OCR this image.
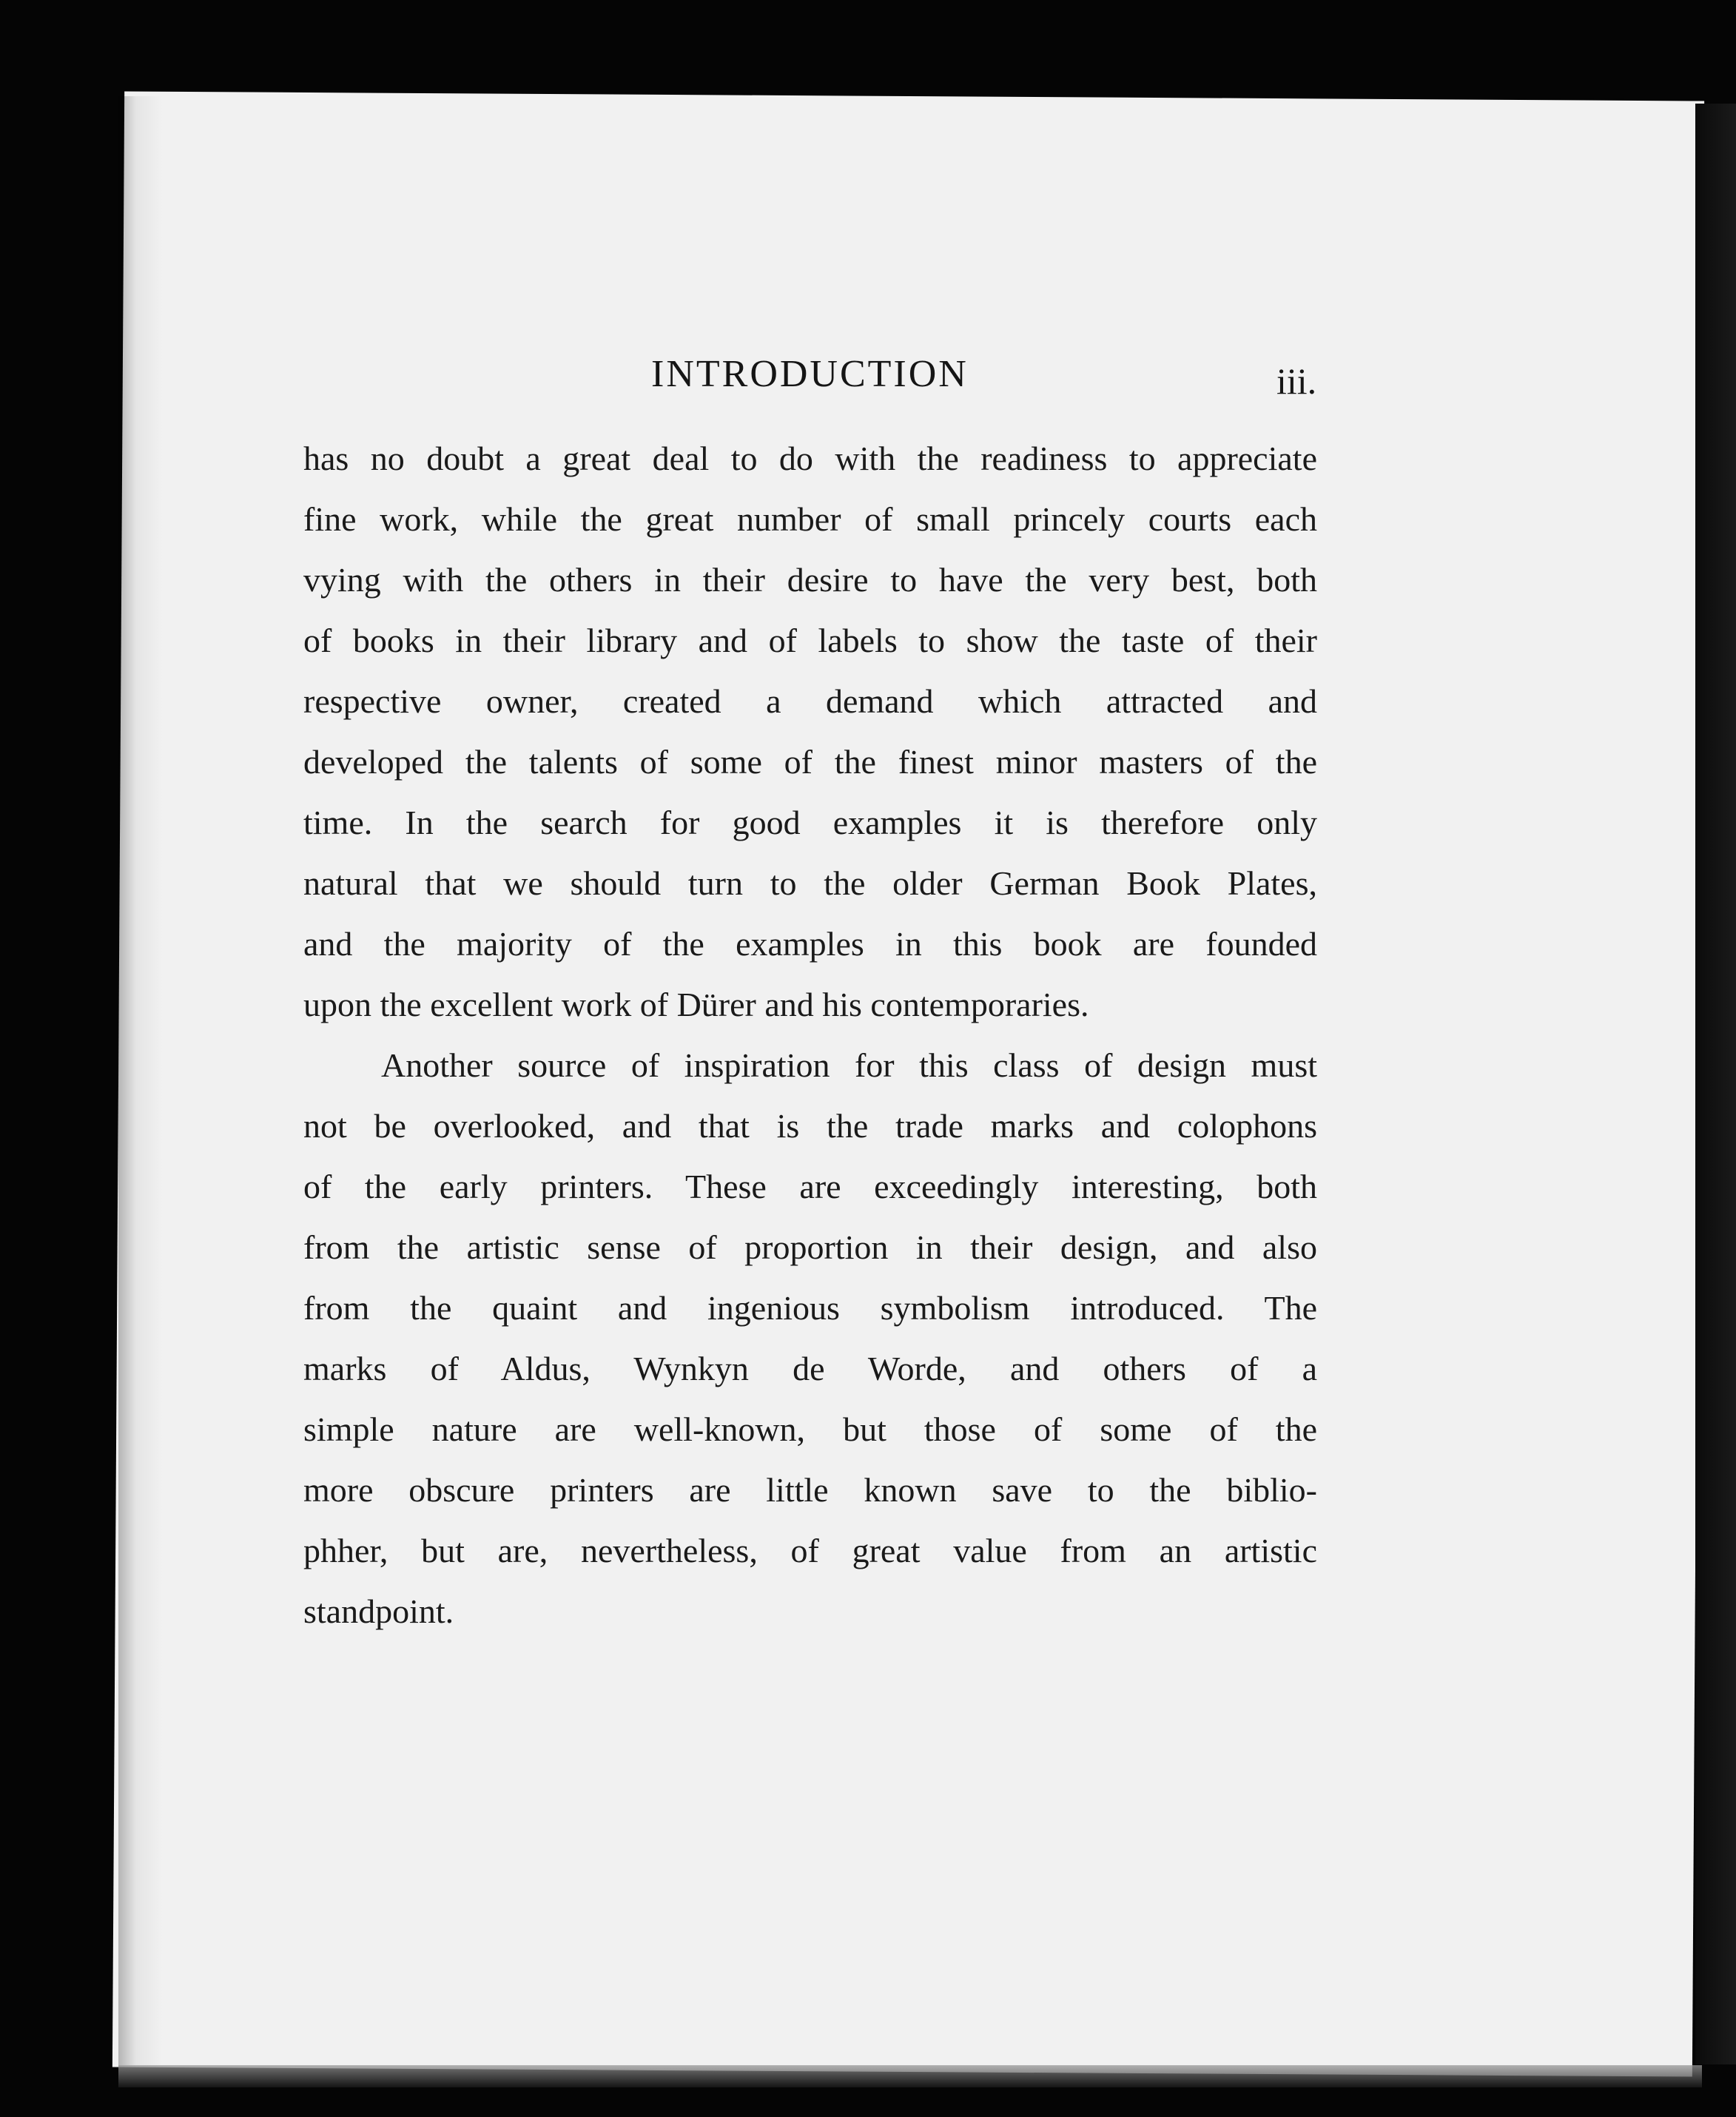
INTRODUCTION	iii.
has no doubt a great deal to do with the readiness to appreciate
fine work, while the great number of small princely courts each
vying with the others in their desire to have the very best, both
of books in their library and of labels to show the taste of their
respective owner, created a demand which attracted and
developed the talents of some of the finest minor masters of the
time. In the search for good examples it is therefore only
natural that we should turn to the older German Book Plates,
and the majority of the examples in this book are founded
upon the excellent work of Dürer and his contemporaries.
Another source of inspiration for this class of design must
not be overlooked, and that is the trade marks and colophons
of the early printers. These are exceedingly interesting, both
from the artistic sense of proportion in their design, and also
from the quaint and ingenious symbolism introduced. The
marks of Aldus, Wynkyn de Worde, and others of a
simple nature are well-known, but those of some of the
more obscure printers are little known save to the biblio-
phher, but are, nevertheless, of great value from an artistic
standpoint.
